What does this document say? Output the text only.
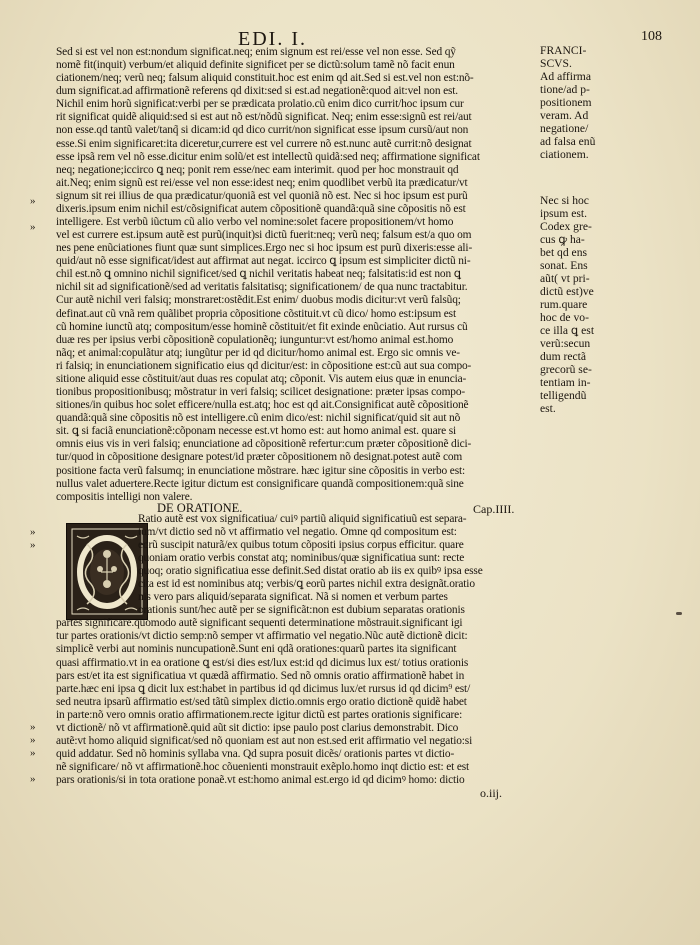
EDI. I.	108
Sed si est vel non est:nondum significat.neq; enim signum est rei/esse vel non esse. Sed qỹ
nomẽ fit(inquit) verbum/et aliquid definite significet per se dictũ:solum tamẽ nõ facit enun
ciationem/neq; verũ neq; falsum aliquid constituit.hoc est enim qd ait.Sed si est.vel non est:nõ-
dum significat.ad affirmationẽ referens qd dixit:sed si est.ad negationẽ:quod ait:vel non est.
Nichil enim horũ significat:verbi per se prædicata prolatio.cũ enim dico currit/hoc ipsum cur
rit significat quidẽ aliquid:sed si est aut nõ est/nõdũ significat. Neq; enim esse:signũ est rei/aut
non esse.qd tantũ valet/tanq̃ si dicam:id qd dico currit/non significat esse ipsum cursũ/aut non
esse.Si enim significaret:ita diceretur,currere est vel currere nõ est.nunc autẽ currit:nõ designat
esse ipsã rem vel nõ esse.dicitur enim solũ/et est intellectũ quidã:sed neq; affirmatione significat
neq; negatione;iccirco ꝗ neq; ponit rem esse/nec eam interimit. quod per hoc monstrauit qd
ait.Neq; enim signũ est rei/esse vel non esse:idest neq; enim quodlibet verbũ ita prædicatur/vt
signum sit rei illius de qua prædicatur/quoniã est vel quoniã nõ est. Nec si hoc ipsum est purũ
dixeris.ipsum enim nichil est/cõsignificat autem cõpositionẽ quandã:quã sine cõpositis nõ est
intelligere. Est verbũ iũctum cũ alio verbo vel nomine:solet facere propositionem/vt homo
vel est currere est.ipsum autẽ est purũ(inquit)si dictũ fuerit:neq; verũ neq; falsum est/a quo om
nes pene enũciationes fiunt quæ sunt simplices.Ergo nec si hoc ipsum est purũ dixeris:esse ali-
quid/aut nõ esse significat/idest aut affirmat aut negat. iccirco ꝗ ipsum est simpliciter dictũ ni-
chil est.nõ ꝗ omnino nichil significet/sed ꝗ nichil veritatis habeat neq; falsitatis:id est non ꝗ
nichil sit ad significationẽ/sed ad veritatis falsitatisq; significationem/ de qua nunc tractabitur.
Cur autẽ nichil veri falsiq; monstraret:ostẽdit.Est enim/ duobus modis dicitur:vt verũ falsũq;
definat.aut cũ vnã rem quãlibet propria cõpositione cõstituit.vt cũ dico/ homo est:ipsum est
cũ homine iunctũ atq; compositum/esse hominẽ cõstituit/et fit exinde enũciatio. Aut rursus cũ
duæ res per ipsius verbi cõpositionẽ copulationẽq; iunguntur:vt est/homo animal est.homo
nãq; et animal:copulãtur atq; iungũtur per id qd dicitur/homo animal est. Ergo sic omnis ve-
ri falsiq; in enunciationem significatio eius qd dicitur/est: in cõpositione est:cũ aut sua compo-
sitione aliquid esse cõstituit/aut duas res copulat atq; cõponit. Vis autem eius quæ in enuncia-
tionibus propositionibusq; mõstratur in veri falsiq; scilicet designatione: præter ipsas compo-
sitiones/in quibus hoc solet efficere/nulla est.atq; hoc est qd ait.Consignificat autẽ cõpositionẽ
quandã:quã sine cõpositis nõ est intelligere.cũ enim dico/est: nichil significat/quid sit aut nõ
sit. ꝗ si faciã enunciationẽ:cõponam necesse est.vt homo est: aut homo animal est. quare si
omnis eius vis in veri falsiq; enunciatione ad cõpositionẽ refertur:cum præter cõpositionẽ dici-
tur/quod in cõpositione designare potest/id præter cõpositionem nõ designat.potest autẽ com
positione facta verũ falsumq; in enunciatione mõstrare. hæc igitur sine cõpositis in verbo est:
nullus valet aduertere.Recte igitur dictum est consignificare quandã compositionem:quã sine
compositis intelligi non valere.
FRANCI-
SCVS.
Ad affirma
tione/ad p-
positionem
veram. Ad
negatione/
ad falsa enũ
ciationem.
Nec si hoc
ipsum est.
Codex gre-
cus ꝙ ha-
bet qd ens
sonat. Ens
aũt( vt pri-
dictũ est)ve
rum.quare
hoc de vo-
ce illa ꝗ est
verũ:secun
dum rectã
grecorũ se-
tentiam in-
telligendũ
est.
DE ORATIONE.	Cap.IIII.
Ratio autẽ est vox significatiua/ cuiꝰ partiũ aliquid significatiuũ est separa-
tum/vt dictio sed nõ vt affirmatio vel negatio. Omne qd compositum est:
eorũ suscipit naturã/ex quibus totum cõpositi ipsius corpus efficitur. quare
quoniam oratio verbis constat atq; nominibus/quæ significatiua sunt: recte
quoq; oratio significatiua esse definit.Sed distat oratio ab iis ex quibꝰ ipsa esse
cita est id est nominibus atq; verbis/ꝗ eorũ partes nichil extra designãt.oratio
nis vero pars aliquid/separata significat. Nã si nomen et verbum partes
orationis sunt/hec autẽ per se significãt:non est dubium separatas orationis
partes significare.quomodo autẽ significant sequenti determinatione mõstrauit.significant igi
tur partes orationis/vt dictio semp:nõ semper vt affirmatio vel negatio.Nũc autẽ dictionẽ dicit:
simplicẽ verbi aut nominis nuncupationẽ.Sunt eni qdã orationes:quarũ partes ita significant
quasi affirmatio.vt in ea oratione ꝗ est/si dies est/lux est:id qd dicimus lux est/ totius orationis
pars est/et ita est significatiua vt quædã affirmatio. Sed nõ omnis oratio affirmationẽ habet in
parte.hæc eni ipsa ꝗ dicit lux est:habet in partibus id qd dicimus lux/et rursus id qd dicim⁹ est/
sed neutra ipsarũ affirmatio est/sed tãtũ simplex dictio.omnis ergo oratio dictionẽ quidẽ habet
in parte:nõ vero omnis oratio affirmationem.recte igitur dictũ est partes orationis significare:
vt dictionẽ/ nõ vt affirmationẽ.quid aũt sit dictio: ipse paulo post clarius demonstrabit. Dico
autẽ:vt homo aliquid significat/sed nõ quoniam est aut non est.sed erit affirmatio vel negatio:si
quid addatur. Sed nõ hominis syllaba vna. Qd supra posuit dicẽs/ orationis partes vt dictio-
nẽ significare/ nõ vt affirmationẽ.hoc cõuenienti monstrauit exẽplo.homo inqt dictio est: et est
pars orationis/si in tota oratione ponaẽ.vt est:homo animal est.ergo id qd dicimꝰ homo: dictio
»
»
»
»
»
»
»
»
o.iij.
